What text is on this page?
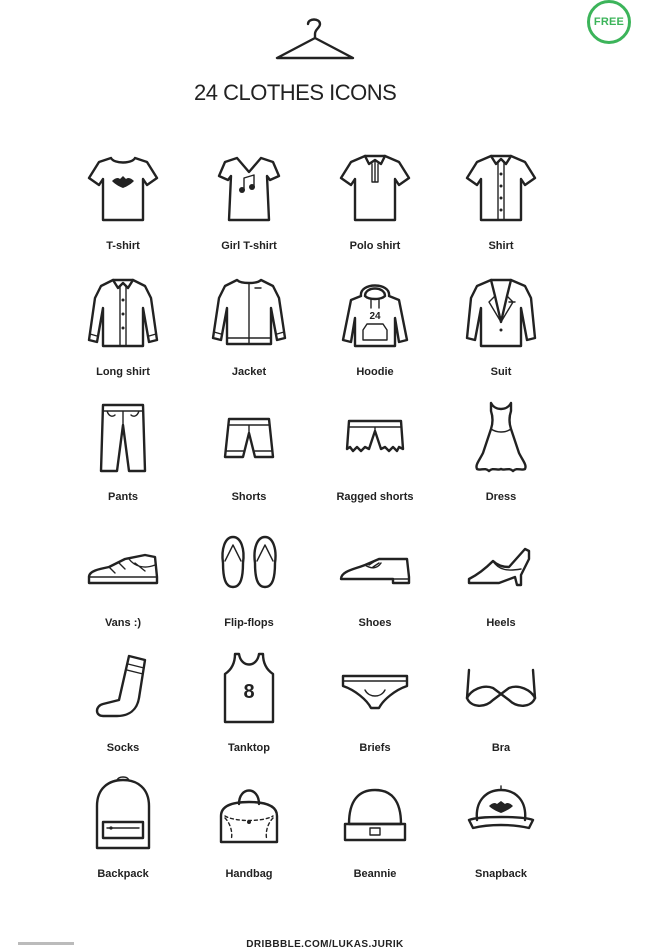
FREE
24 CLOTHES ICONS
T-shirt	Girl T-shirt	Polo shirt	Shirt
Long shirt	Jacket
24
Hoodie	Suit
Pants	Shorts	Ragged shorts	Dress
Vans :)	Flip-flops	Shoes	Heels
Socks
8
Tanktop	Briefs	Bra
Backpack	Handbag	Beannie	Snapback
DRIBBBLE.COM/LUKAS.JURIK
